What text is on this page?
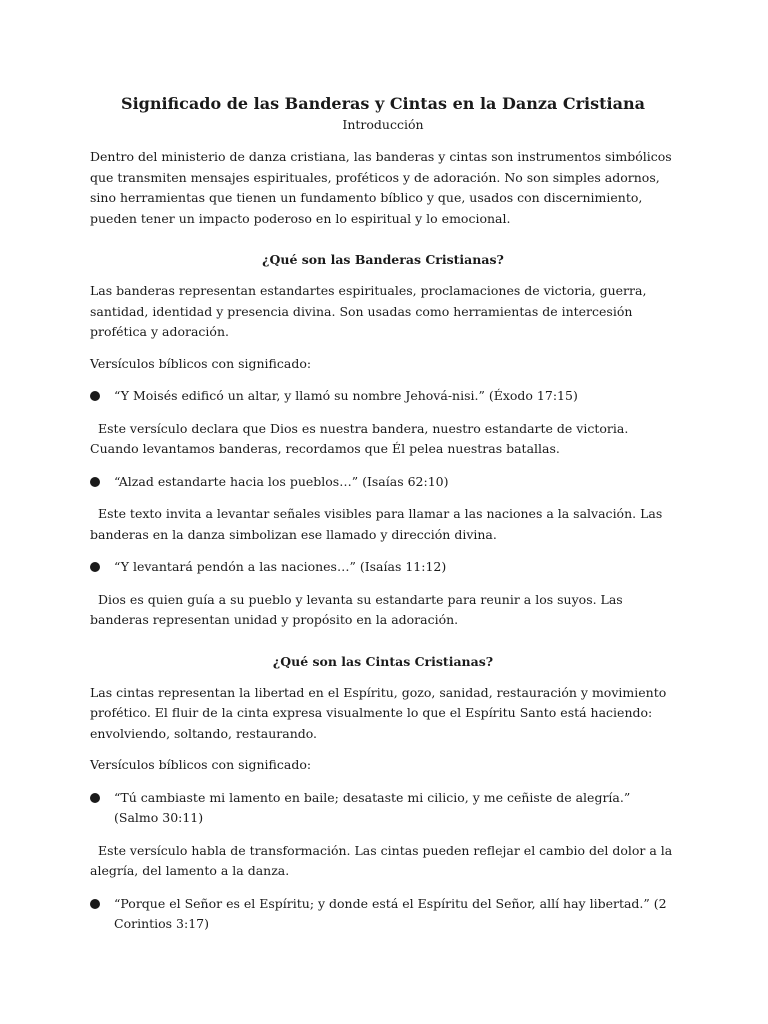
Significado de las Banderas y Cintas en la Danza Cristiana
Introducción

Dentro del ministerio de danza cristiana, las banderas y cintas son instrumentos simbólicos que transmiten mensajes espirituales, proféticos y de adoración. No son simples adornos, sino herramientas que tienen un fundamento bíblico y que, usados con discernimiento, pueden tener un impacto poderoso en lo espiritual y lo emocional.

¿Qué son las Banderas Cristianas?

Las banderas representan estandartes espirituales, proclamaciones de victoria, guerra, santidad, identidad y presencia divina. Son usadas como herramientas de intercesión profética y adoración.

Versículos bíblicos con significado:

“Y Moisés edificó un altar, y llamó su nombre Jehová-nisi.” (Éxodo 17:15)

Este versículo declara que Dios es nuestra bandera, nuestro estandarte de victoria. Cuando levantamos banderas, recordamos que Él pelea nuestras batallas.

“Alzad estandarte hacia los pueblos…” (Isaías 62:10)

Este texto invita a levantar señales visibles para llamar a las naciones a la salvación. Las banderas en la danza simbolizan ese llamado y dirección divina.

“Y levantará pendón a las naciones…” (Isaías 11:12)

Dios es quien guía a su pueblo y levanta su estandarte para reunir a los suyos. Las banderas representan unidad y propósito en la adoración.

¿Qué son las Cintas Cristianas?

Las cintas representan la libertad en el Espíritu, gozo, sanidad, restauración y movimiento profético. El fluir de la cinta expresa visualmente lo que el Espíritu Santo está haciendo: envolviendo, soltando, restaurando.

Versículos bíblicos con significado:

“Tú cambiaste mi lamento en baile; desataste mi cilicio, y me ceñiste de alegría.” (Salmo 30:11)

Este versículo habla de transformación. Las cintas pueden reflejar el cambio del dolor a la alegría, del lamento a la danza.

“Porque el Señor es el Espíritu; y donde está el Espíritu del Señor, allí hay libertad.” (2 Corintios 3:17)
